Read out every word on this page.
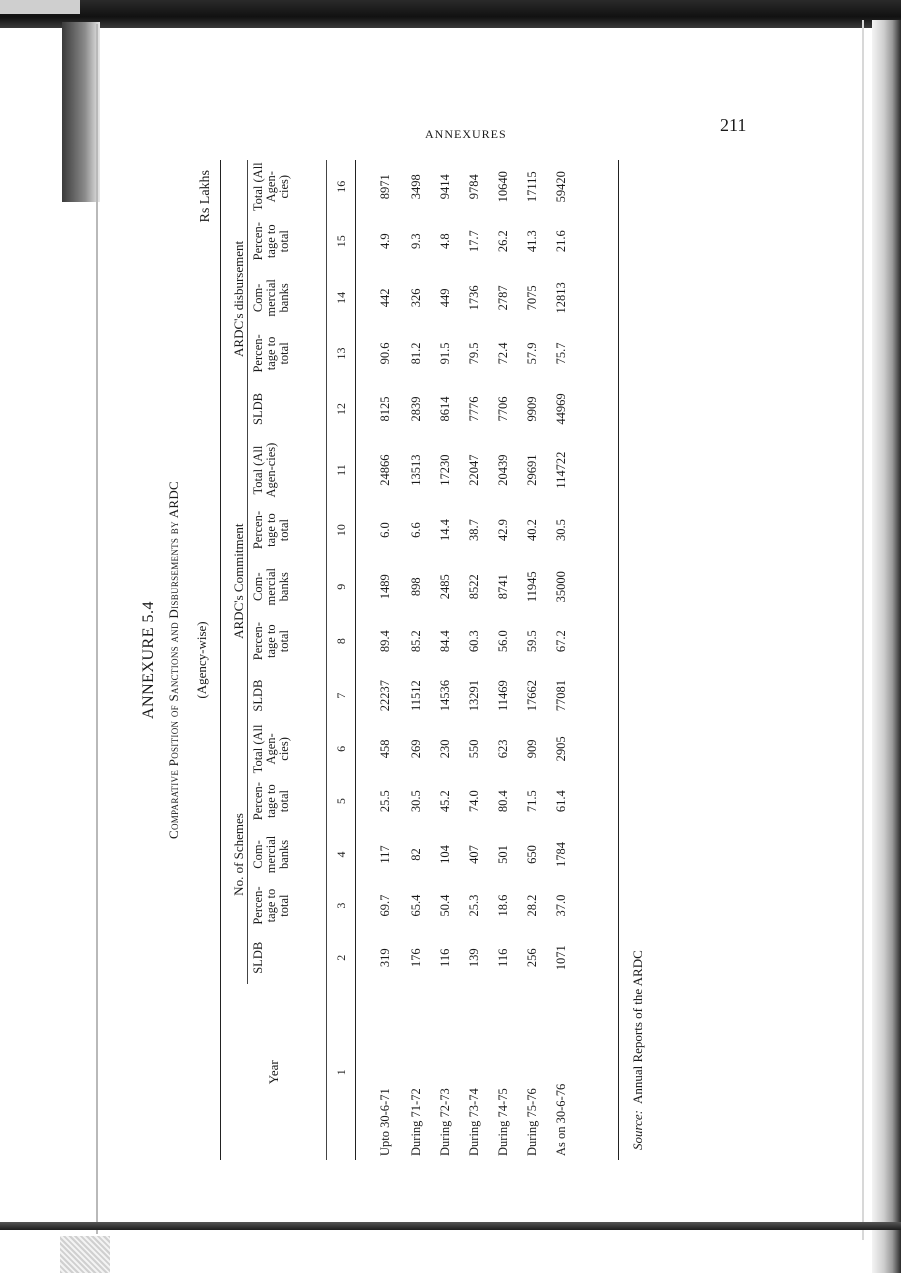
211
ANNEXURES
ANNEXURE 5.4 Comparative Position of Sanctions and Disbursements by ARDC (Agency-wise)
Rs Lakhs

Year	No. of Schemes					ARDC's Commitment					ARDC's disbursement				
	SLDB	Percen-tage to total	Com-mercial banks	Percen-tage to total	Total (All Agen-cies)	SLDB	Percen-tage to total	Com-mercial banks	Percen-tage to total	Total (All Agen-cies)	SLDB	Percen-tage to total	Com-mercial banks	Percen-tage to total	Total (All Agen-cies)
1	2	3	4	5	6	7	8	9	10	11	12	13	14	15	16
Upto 30-6-71	319	69.7	117	25.5	458	22237	89.4	1489	6.0	24866	8125	90.6	442	4.9	8971
During 71-72	176	65.4	82	30.5	269	11512	85.2	898	6.6	13513	2839	81.2	326	9.3	3498
During 72-73	116	50.4	104	45.2	230	14536	84.4	2485	14.4	17230	8614	91.5	449	4.8	9414
During 73-74	139	25.3	407	74.0	550	13291	60.3	8522	38.7	22047	7776	79.5	1736	17.7	9784
During 74-75	116	18.6	501	80.4	623	11469	56.0	8741	42.9	20439	7706	72.4	2787	26.2	10640
During 75-76	256	28.2	650	71.5	909	17662	59.5	11945	40.2	29691	9909	57.9	7075	41.3	17115
As on 30-6-76	1071	37.0	1784	61.4	2905	77081	67.2	35000	30.5	114722	44969	75.7	12813	21.6	59420
Source:Annual Reports of the ARDC
